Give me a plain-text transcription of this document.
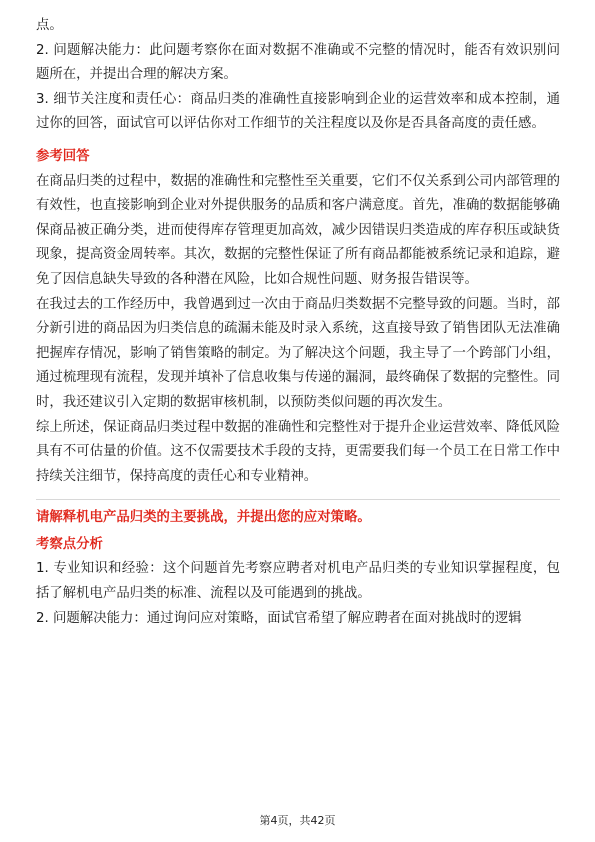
点。

2. 问题解决能力：此问题考察你在面对数据不准确或不完整的情况时，能否有效识别问题所在，并提出合理的解决方案。

3. 细节关注度和责任心：商品归类的准确性直接影响到企业的运营效率和成本控制，通过你的回答，面试官可以评估你对工作细节的关注程度以及你是否具备高度的责任感。

参考回答

在商品归类的过程中，数据的准确性和完整性至关重要，它们不仅关系到公司内部管理的有效性，也直接影响到企业对外提供服务的品质和客户满意度。首先，准确的数据能够确保商品被正确分类，进而使得库存管理更加高效，减少因错误归类造成的库存积压或缺货现象，提高资金周转率。其次，数据的完整性保证了所有商品都能被系统记录和追踪，避免了因信息缺失导致的各种潜在风险，比如合规性问题、财务报告错误等。

在我过去的工作经历中，我曾遇到过一次由于商品归类数据不完整导致的问题。当时，部分新引进的商品因为归类信息的疏漏未能及时录入系统，这直接导致了销售团队无法准确把握库存情况，影响了销售策略的制定。为了解决这个问题，我主导了一个跨部门小组，通过梳理现有流程，发现并填补了信息收集与传递的漏洞，最终确保了数据的完整性。同时，我还建议引入定期的数据审核机制，以预防类似问题的再次发生。

综上所述，保证商品归类过程中数据的准确性和完整性对于提升企业运营效率、降低风险具有不可估量的价值。这不仅需要技术手段的支持，更需要我们每一个员工在日常工作中持续关注细节，保持高度的责任心和专业精神。

请解释机电产品归类的主要挑战，并提出您的应对策略。
考察点分析

1. 专业知识和经验：这个问题首先考察应聘者对机电产品归类的专业知识掌握程度，包括了解机电产品归类的标准、流程以及可能遇到的挑战。

2. 问题解决能力：通过询问应对策略，面试官希望了解应聘者在面对挑战时的逻辑

第4页，共42页
